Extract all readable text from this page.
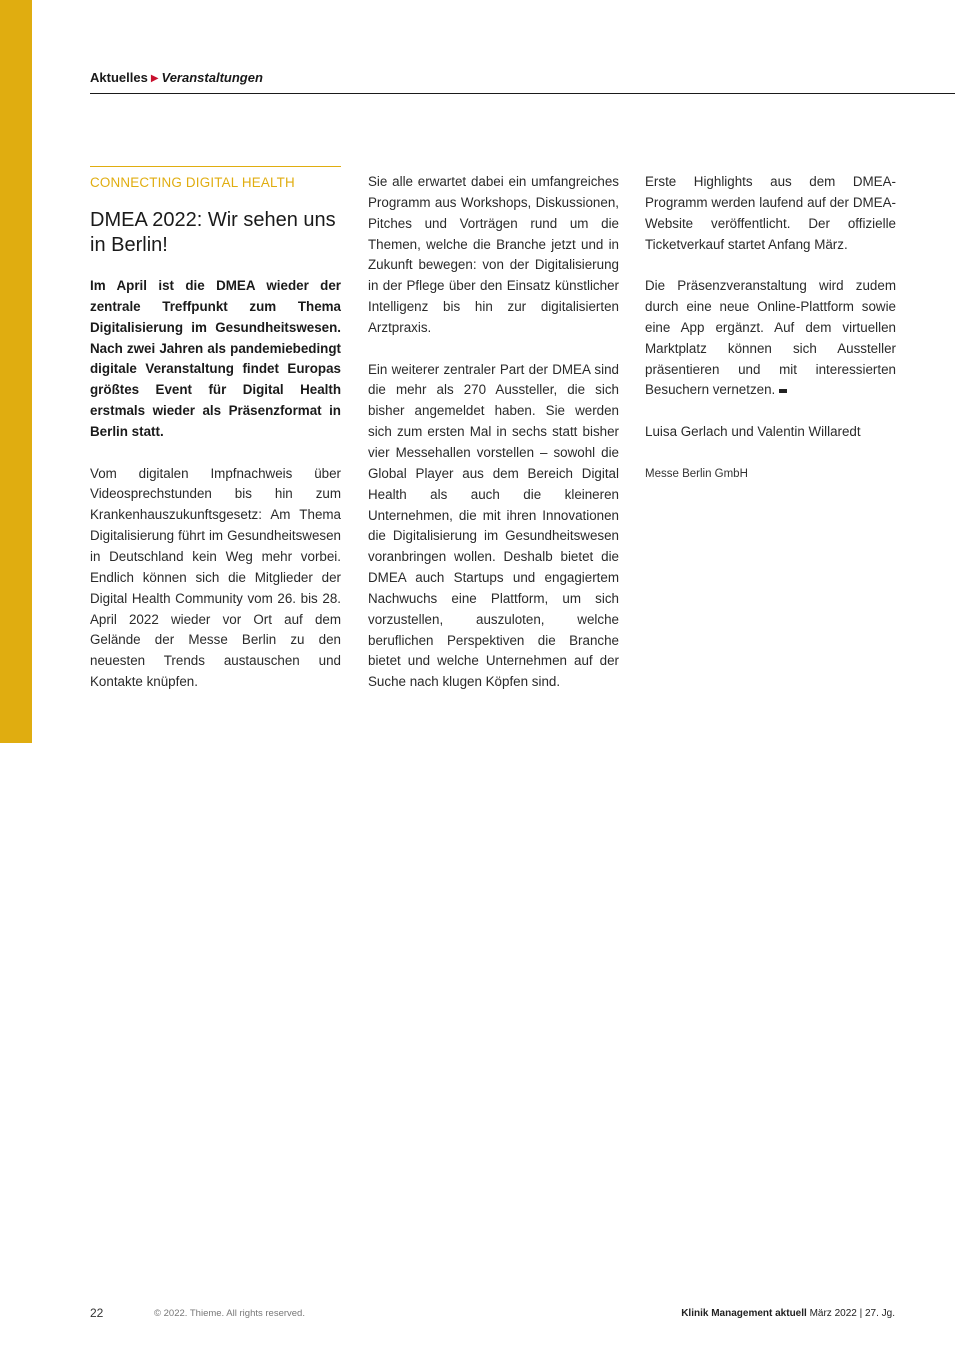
Aktuelles ▶ Veranstaltungen
CONNECTING DIGITAL HEALTH
DMEA 2022: Wir sehen uns in Berlin!

Im April ist die DMEA wieder der zentrale Treffpunkt zum Thema Digitalisierung im Gesundheitswesen. Nach zwei Jahren als pandemiebedingt digitale Veranstaltung findet Europas größtes Event für Digital Health erstmals wieder als Präsenzformat in Berlin statt.

Vom digitalen Impfnachweis über Videosprechstunden bis hin zum Krankenhauszukunftsgesetz: Am Thema Digitalisierung führt im Gesundheitswesen in Deutschland kein Weg mehr vorbei. Endlich können sich die Mitglieder der Digital Health Community vom 26. bis 28. April 2022 wieder vor Ort auf dem Gelände der Messe Berlin zu den neuesten Trends austauschen und Kontakte knüpfen.

Sie alle erwartet dabei ein umfangreiches Programm aus Workshops, Diskussionen, Pitches und Vorträgen rund um die Themen, welche die Branche jetzt und in Zukunft bewegen: von der Digitalisierung in der Pflege über den Einsatz künstlicher Intelligenz bis hin zur digitalisierten Arztpraxis.

Ein weiterer zentraler Part der DMEA sind die mehr als 270 Aussteller, die sich bisher angemeldet haben. Sie werden sich zum ersten Mal in sechs statt bisher vier Messehallen vorstellen – sowohl die Global Player aus dem Bereich Digital Health als auch die kleineren Unternehmen, die mit ihren Innovationen die Digitalisierung im Gesundheitswesen voranbringen wollen. Deshalb bietet die DMEA auch Startups und engagiertem Nachwuchs eine Plattform, um sich vorzustellen, auszuloten, welche beruflichen Perspektiven die Branche bietet und welche Unternehmen auf der Suche nach klugen Köpfen sind.

Erste Highlights aus dem DMEA-Programm werden laufend auf der DMEA-Website veröffentlicht. Der offizielle Ticketverkauf startet Anfang März.

Die Präsenzveranstaltung wird zudem durch eine neue Online-Plattform sowie eine App ergänzt. Auf dem virtuellen Marktplatz können sich Aussteller präsentieren und mit interessierten Besuchern vernetzen.

Luisa Gerlach und Valentin Willaredt

Messe Berlin GmbH

22	© 2022. Thieme. All rights reserved.	Klinik Management aktuell März 2022 | 27. Jg.
